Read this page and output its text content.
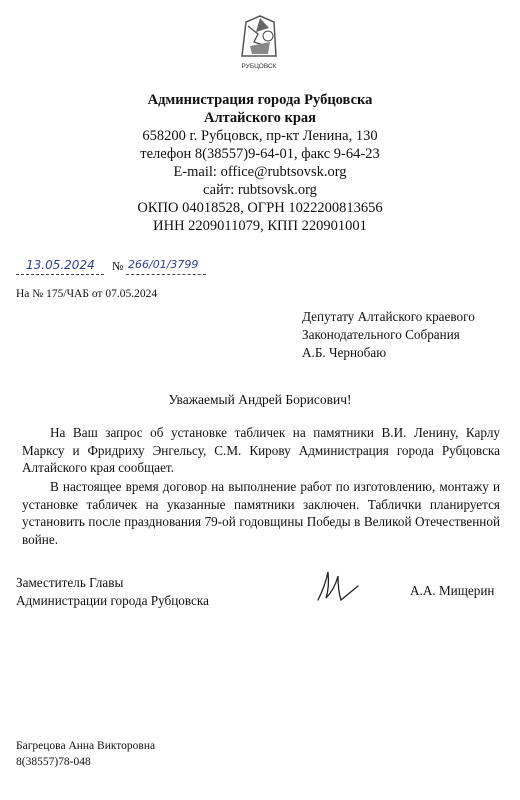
РУБЦОВСК
Администрация города Рубцовска
Алтайского края
658200 г. Рубцовск, пр-кт Ленина, 130
телефон 8(38557)9-64-01, факс 9-64-23
E-mail: office@rubtsovsk.org
сайт: rubtsovsk.org
ОКПО 04018528, ОГРН 1022200813656
ИНН 2209011079, КПП 220901001
13.05.2024 № 266/01/3799
На № 175/ЧАБ от 07.05.2024
Депутату Алтайского краевого
Законодательного Собрания
А.Б. Чернобаю
Уважаемый Андрей Борисович!
На Ваш запрос об установке табличек на памятники В.И. Ленину, Карлу Марксу и Фридриху Энгельсу, С.М. Кирову Администрация города Рубцовска Алтайского края сообщает.
В настоящее время договор на выполнение работ по изготовлению, монтажу и установке табличек на указанные памятники заключен. Таблички планируется установить после празднования 79-ой годовщины Победы в Великой Отечественной войне.
Заместитель Главы
Администрации города Рубцовска
А.А. Мищерин
Багрецова Анна Викторовна
8(38557)78-048
